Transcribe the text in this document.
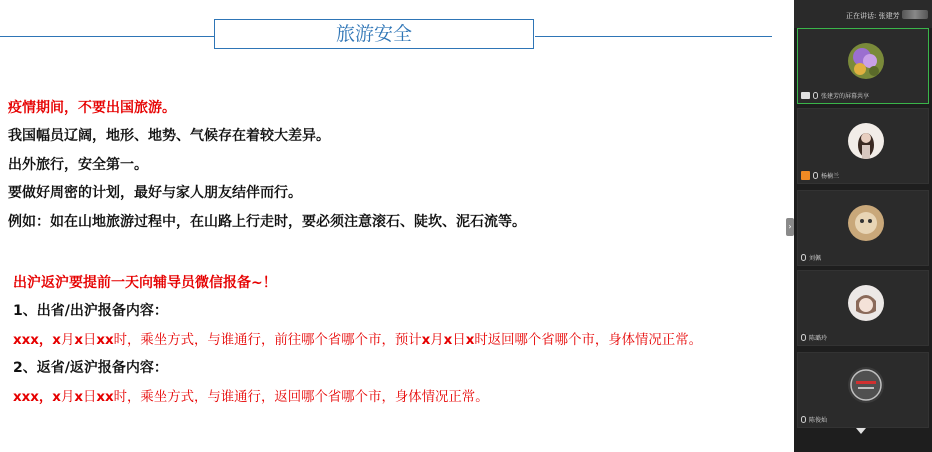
旅游安全
疫情期间，不要出国旅游。
我国幅员辽阔，地形、地势、气候存在着较大差异。
出外旅行，安全第一。
要做好周密的计划，最好与家人朋友结伴而行。
例如：如在山地旅游过程中，在山路上行走时，要必须注意滚石、陡坎、泥石流等。
出沪返沪要提前一天向辅导员微信报备~！
1、出省/出沪报备内容：
xxx，x月x日xx时，乘坐方式，与谁通行，前往哪个省哪个市，预计x月x日x时返回哪个省哪个市，身体情况正常。
2、返省/返沪报备内容：
xxx，x月x日xx时，乘坐方式，与谁通行，返回哪个省哪个市，身体情况正常。
›
正在讲话: 张建芳
张建芳的屏幕共享
杨楠兰
刘佩
陈璐玲
陈俊灿
